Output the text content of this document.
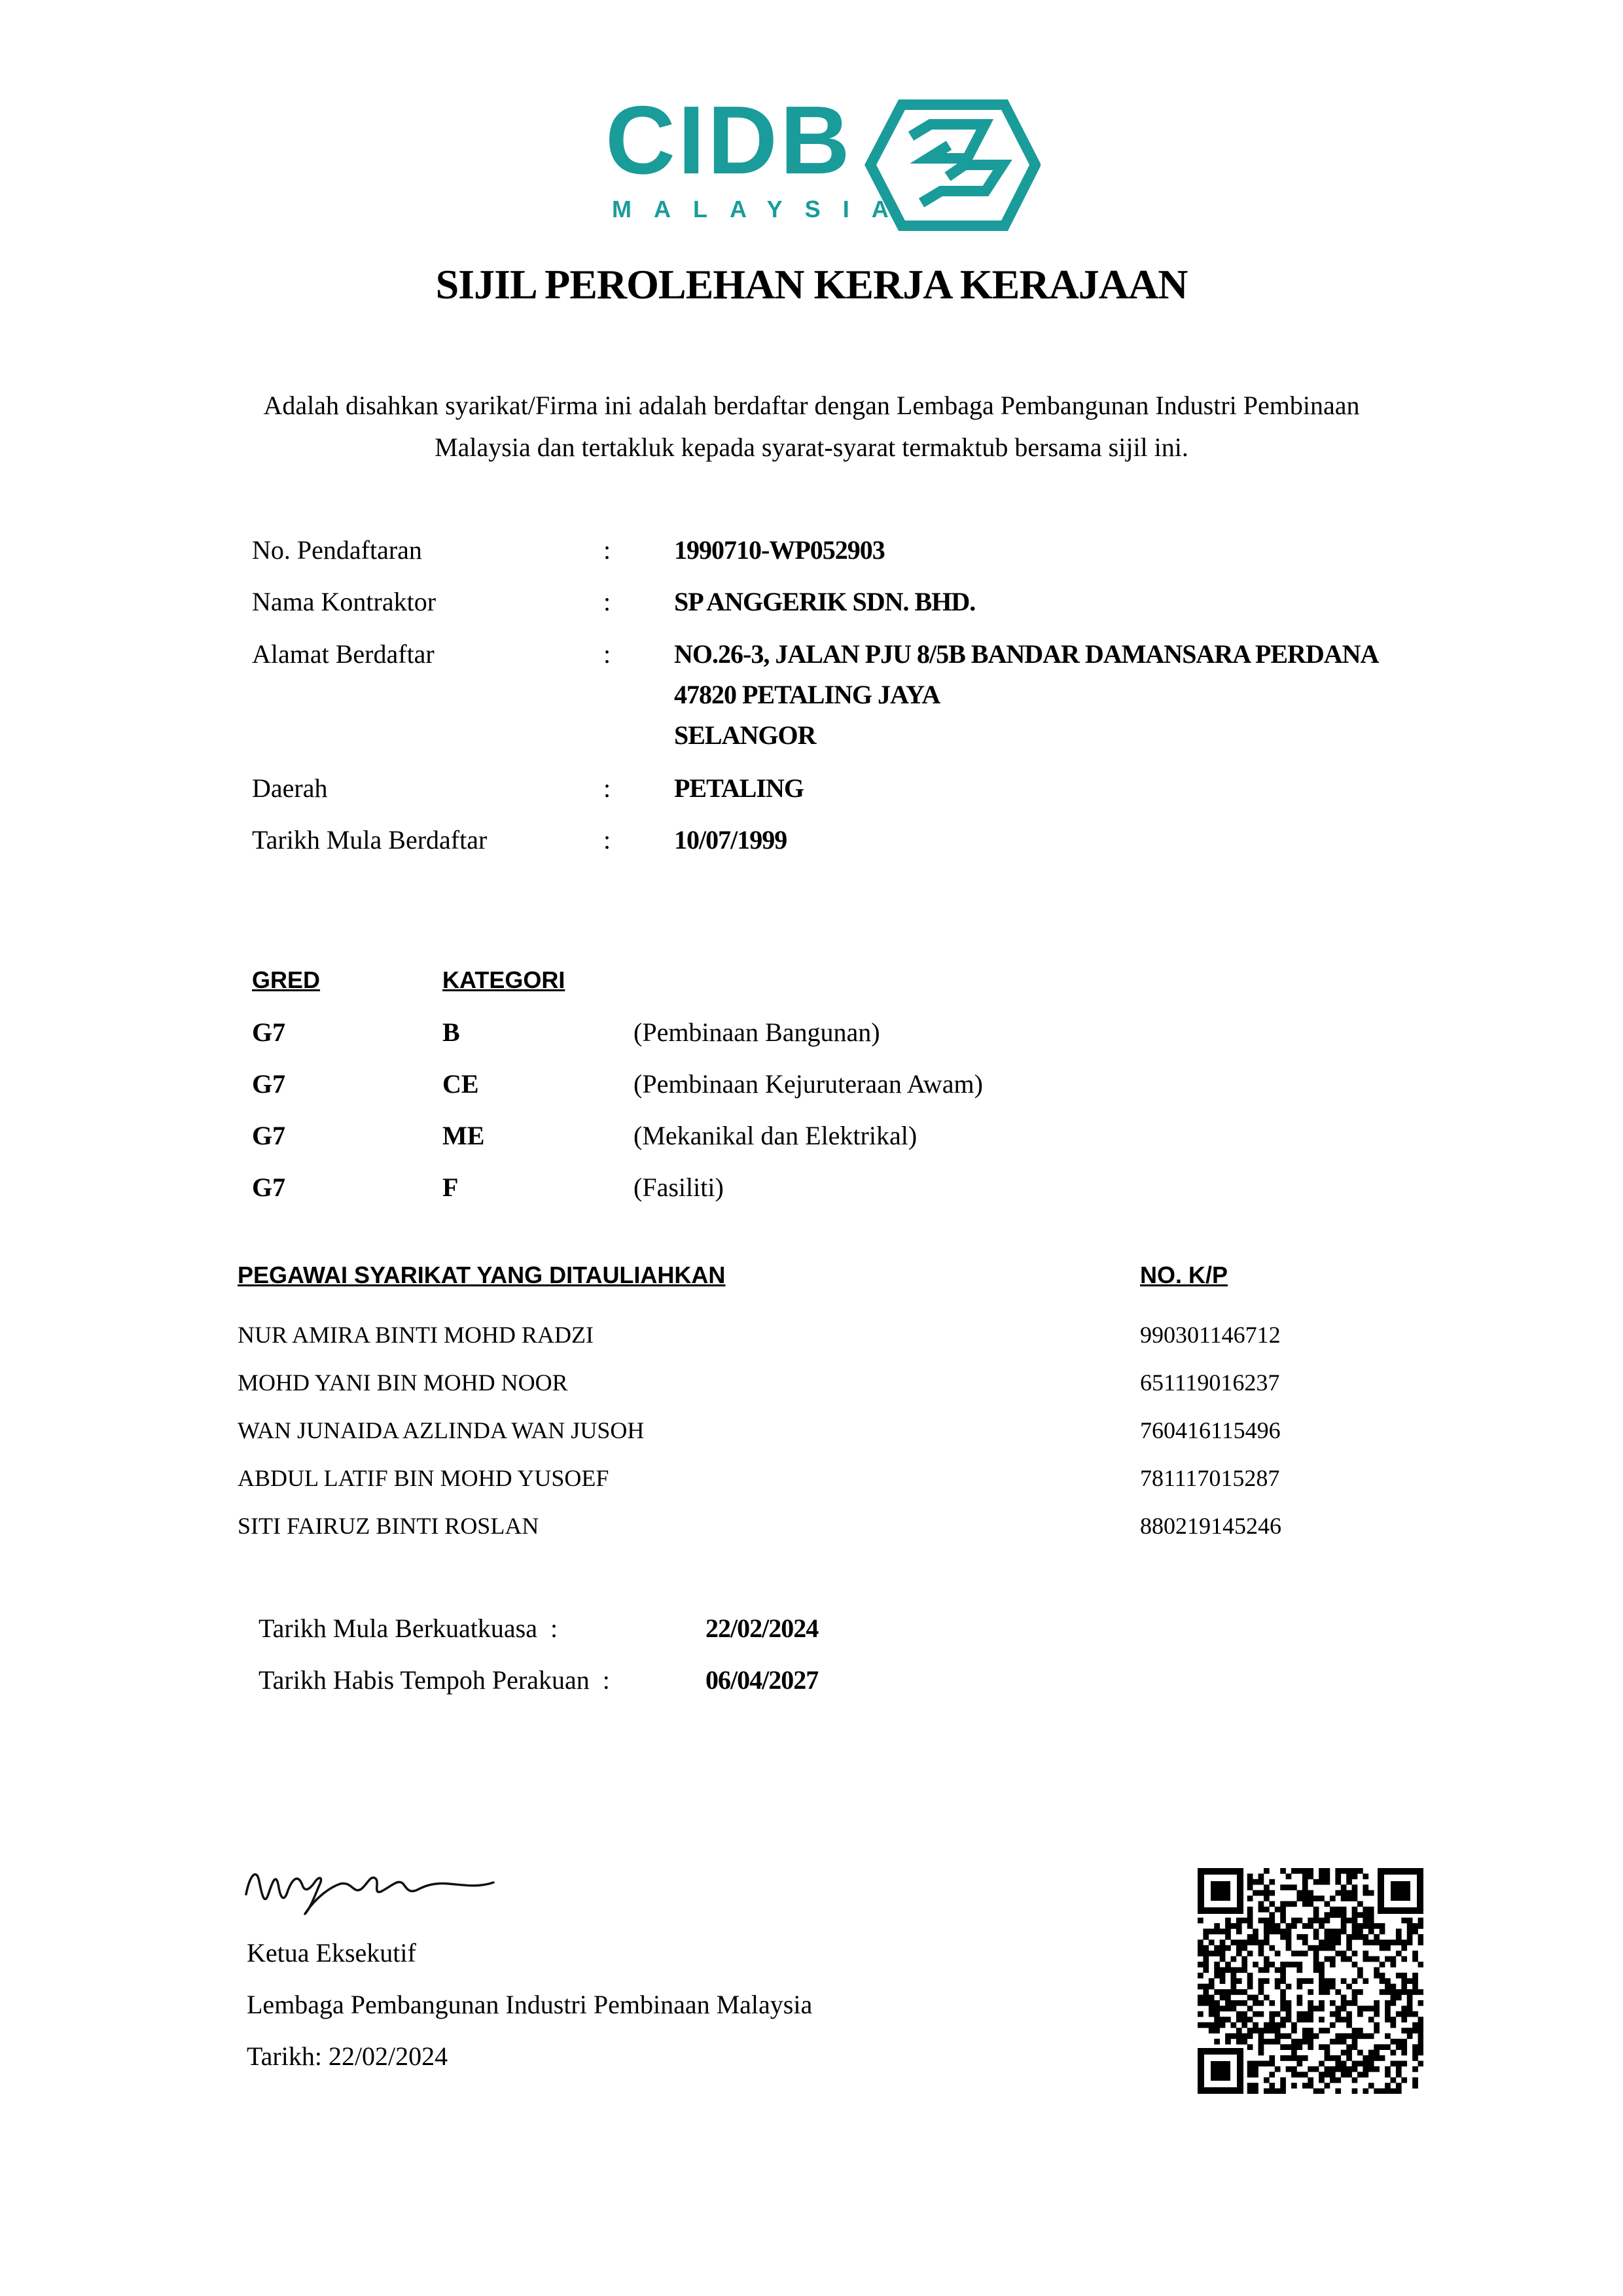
CIDB
MALAYSIA
SIJIL PEROLEHAN KERJA KERAJAAN
Adalah disahkan syarikat/Firma ini adalah berdaftar dengan Lembaga Pembangunan Industri Pembinaan
Malaysia dan tertakluk kepada syarat-syarat termaktub bersama sijil ini.
No. Pendaftaran	: 1990710-WP052903
Nama Kontraktor	: SP ANGGERIK SDN. BHD.
Alamat Berdaftar	: NO.26-3, JALAN PJU 8/5B BANDAR DAMANSARA PERDANA
47820 PETALING JAYA
SELANGOR
Daerah	: PETALING
Tarikh Mula Berdaftar	: 10/07/1999
GRED	KATEGORI
G7	B	(Pembinaan Bangunan)
G7	CE	(Pembinaan Kejuruteraan Awam)
G7	ME	(Mekanikal dan Elektrikal)
G7	F	(Fasiliti)
PEGAWAI SYARIKAT YANG DITAULIAHKAN	NO. K/P
NUR AMIRA BINTI MOHD RADZI	990301146712
MOHD YANI BIN MOHD NOOR	651119016237
WAN JUNAIDA AZLINDA WAN JUSOH	760416115496
ABDUL LATIF BIN MOHD YUSOEF	781117015287
SITI FAIRUZ BINTI ROSLAN	880219145246
Tarikh Mula Berkuatkuasa  :	22/02/2024
Tarikh Habis Tempoh Perakuan  :	06/04/2027
Ketua Eksekutif
Lembaga Pembangunan Industri Pembinaan Malaysia
Tarikh: 22/02/2024
